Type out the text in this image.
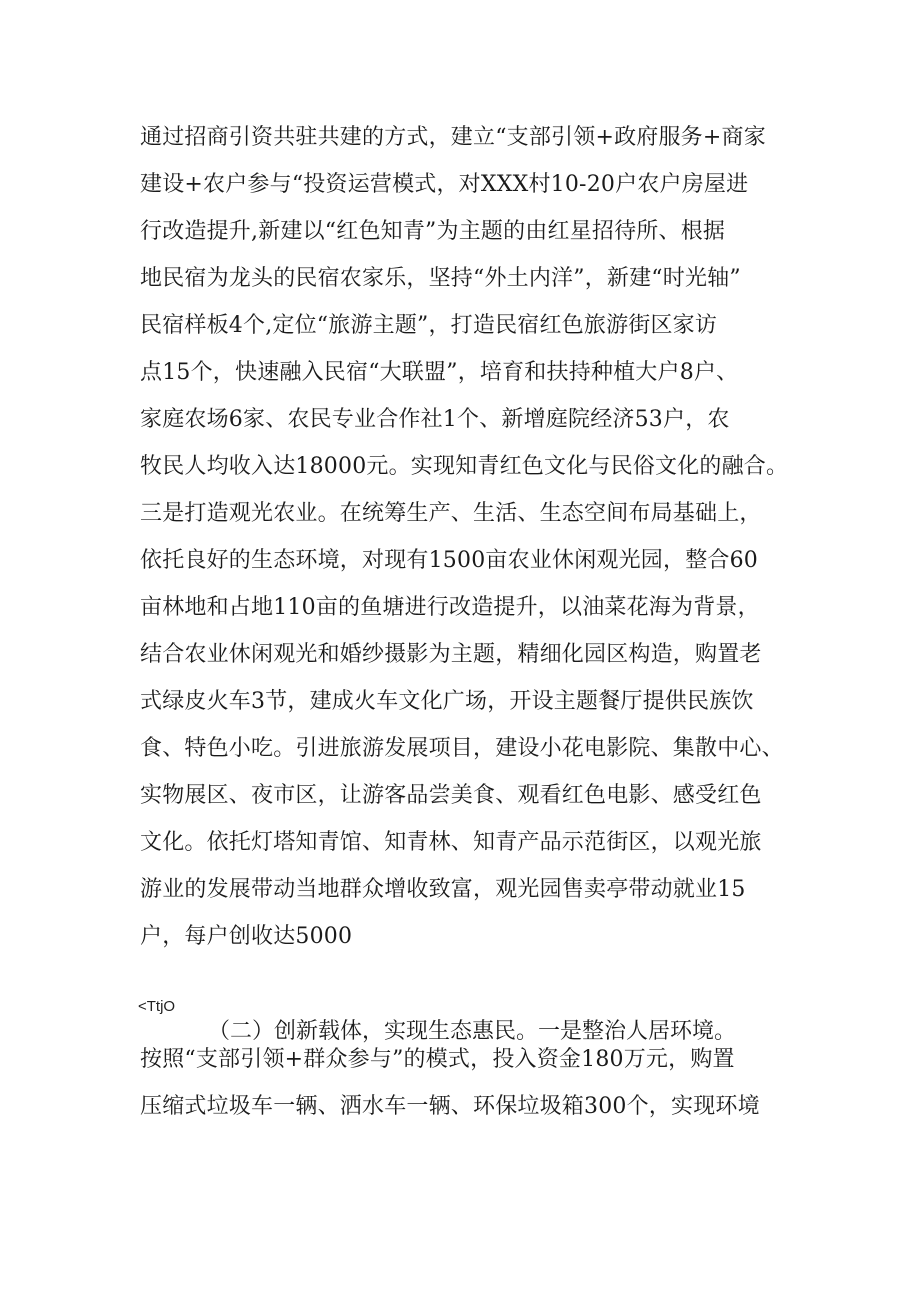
通过招商引资共驻共建的方式，建立“支部引领+政府服务+商家
建设+农户参与“投资运营模式，对XXX村10-20户农户房屋进
行改造提升,新建以“红色知青”为主题的由红星招待所、根据
地民宿为龙头的民宿农家乐，坚持“外土内洋”，新建“时光轴”
民宿样板4个,定位“旅游主题”，打造民宿红色旅游街区家访
点15个，快速融入民宿“大联盟”，培育和扶持种植大户8户、
家庭农场6家、农民专业合作社1个、新增庭院经济53户，农
牧民人均收入达18000元。实现知青红色文化与民俗文化的融合。
三是打造观光农业。在统筹生产、生活、生态空间布局基础上，
依托良好的生态环境，对现有1500亩农业休闲观光园，整合60
亩林地和占地110亩的鱼塘进行改造提升，以油菜花海为背景，
结合农业休闲观光和婚纱摄影为主题，精细化园区构造，购置老
式绿皮火车3节，建成火车文化广场，开设主题餐厅提供民族饮
食、特色小吃。引进旅游发展项目，建设小花电影院、集散中心、
实物展区、夜市区，让游客品尝美食、观看红色电影、感受红色
文化。依托灯塔知青馆、知青林、知青产品示范街区，以观光旅
游业的发展带动当地群众增收致富，观光园售卖亭带动就业15
户，每户创收达5000
<TtjO
（二）创新载体，实现生态惠民。一是整治人居环境。
按照“支部引领+群众参与”的模式，投入资金180万元，购置
压缩式垃圾车一辆、洒水车一辆、环保垃圾箱300个，实现环境
